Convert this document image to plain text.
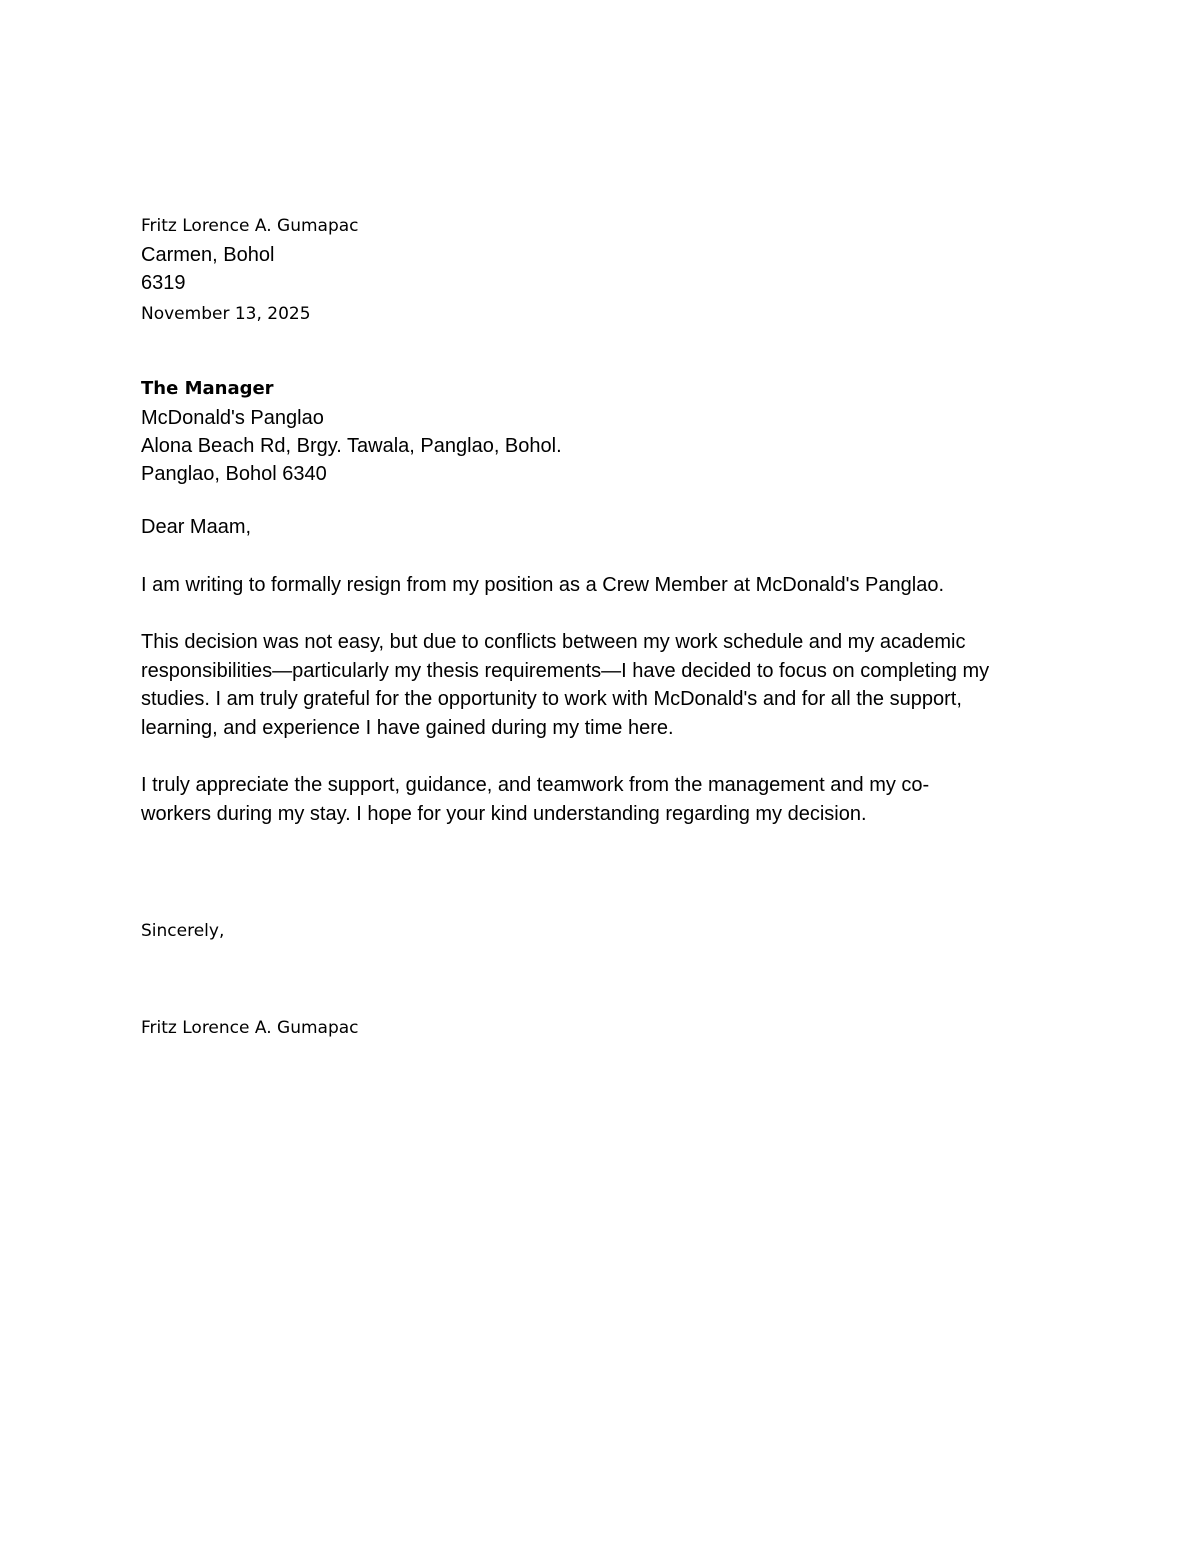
Fritz Lorence A. Gumapac
Carmen, Bohol
6319
November 13, 2025
The Manager
McDonald's Panglao
Alona Beach Rd, Brgy. Tawala, Panglao, Bohol.
Panglao, Bohol 6340
Dear Maam,
I am writing to formally resign from my position as a Crew Member at McDonald's Panglao.
This decision was not easy, but due to conflicts between my work schedule and my academic
responsibilities—particularly my thesis requirements—I have decided to focus on completing my
studies. I am truly grateful for the opportunity to work with McDonald's and for all the support,
learning, and experience I have gained during my time here.
I truly appreciate the support, guidance, and teamwork from the management and my co-
workers during my stay. I hope for your kind understanding regarding my decision.
Sincerely,
Fritz Lorence A. Gumapac
